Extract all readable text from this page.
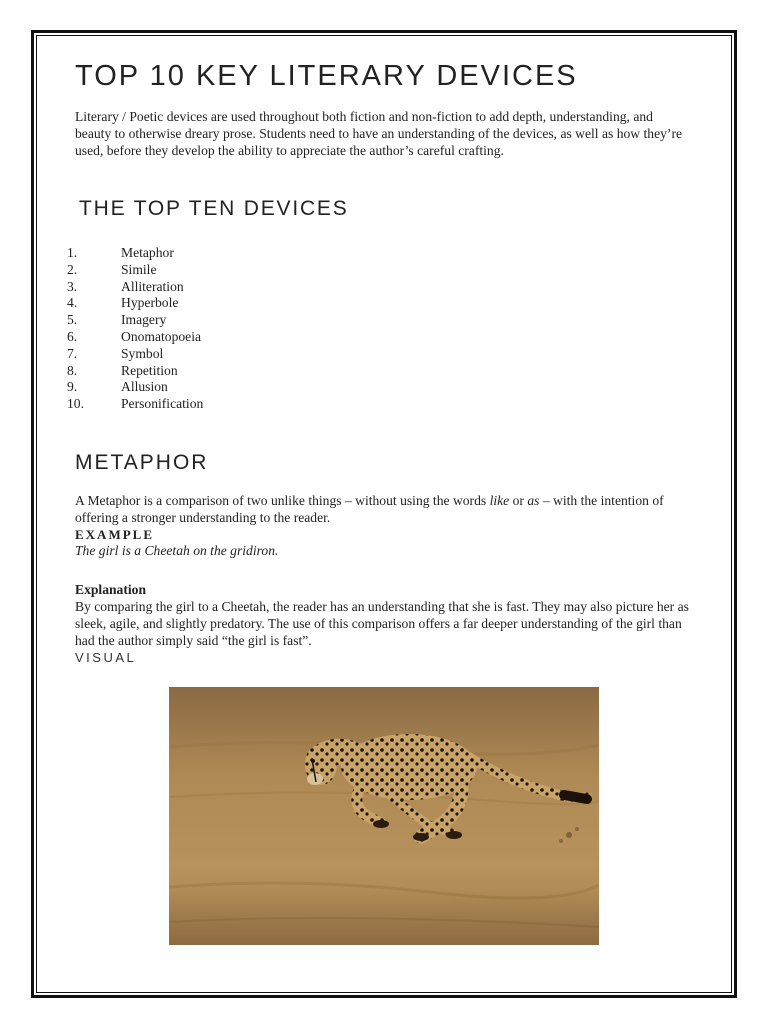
TOP 10 KEY LITERARY DEVICES

Literary / Poetic devices are used throughout both fiction and non-fiction to add depth, understanding, and beauty to otherwise dreary prose. Students need to have an understanding of the devices, as well as how they’re used, before they develop the ability to appreciate the author’s careful crafting.

THE TOP TEN DEVICES
1.	Metaphor
2.	Simile
3.	Alliteration
4.	Hyperbole
5.	Imagery
6.	Onomatopoeia
7.	Symbol
8.	Repetition
9.	Allusion
10.	Personification
METAPHOR

A Metaphor is a comparison of two unlike things – without using the words like or as – with the intention of offering a stronger understanding to the reader.

EXAMPLE

The girl is a Cheetah on the gridiron.

Explanation

By comparing the girl to a Cheetah, the reader has an understanding that she is fast. They may also picture her as sleek, agile, and slightly predatory. The use of this comparison offers a far deeper understanding of the girl than had the author simply said “the girl is fast”.

VISUAL
